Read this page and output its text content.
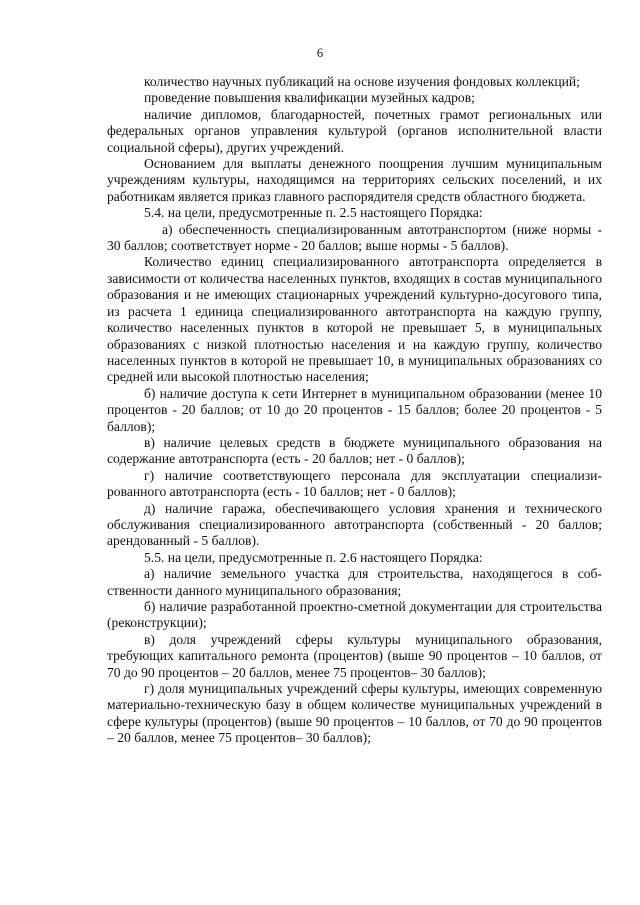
6

количество научных публикаций на основе изучения фондовых коллекций;

проведение повышения квалификации музейных кадров;

наличие дипломов, благодарностей, почетных грамот региональных или федеральных органов управления культурой (органов исполнительной власти социальной сферы), других учреждений.

Основанием для выплаты денежного поощрения лучшим муниципальным учреждениям культуры, находящимся на территориях сельских поселений, и их работникам является приказ главного распорядителя средств областного бюджета.

5.4. на цели, предусмотренные п. 2.5 настоящего Порядка:

а) обеспеченность специализированным автотранспортом (ниже нормы - 30 баллов; соответствует норме - 20 баллов; выше нормы - 5 баллов).

Количество единиц специализированного автотранспорта определяется в зависимости от количества населенных пунктов, входящих в состав муниципального образования и не имеющих стационарных учреждений культурно-досугового типа, из расчета 1 единица специализированного автотранспорта на каждую группу, количество населенных пунктов в которой не превышает 5, в муниципальных образованиях с низкой плотностью населения и на каждую группу, количество населенных пунктов в которой не превышает 10, в муниципальных образованиях со средней или высокой плотностью населения;

б) наличие доступа к сети Интернет в муниципальном образовании (менее 10 процентов - 20 баллов; от 10 до 20 процентов - 15 баллов; более 20 процентов - 5 баллов);

в) наличие целевых средств в бюджете муниципального образования на содержание автотранспорта (есть - 20 баллов; нет - 0 баллов);

г) наличие соответствующего персонала для эксплуатации специализированного автотранспорта (есть - 10 баллов; нет - 0 баллов);

д) наличие гаража, обеспечивающего условия хранения и технического обслуживания специализированного автотранспорта (собственный - 20 баллов; арендованный - 5 баллов).

5.5. на цели, предусмотренные п. 2.6 настоящего Порядка:

а) наличие земельного участка для строительства, находящегося в собственности данного муниципального образования;

б) наличие разработанной проектно-сметной документации для строительства (реконструкции);

в) доля учреждений сферы культуры муниципального образования, требующих капитального ремонта (процентов) (выше 90 процентов – 10 баллов, от 70 до 90 процентов – 20 баллов, менее 75 процентов– 30 баллов);

г) доля муниципальных учреждений сферы культуры, имеющих современную материально-техническую базу в общем количестве муниципальных учреждений в сфере культуры (процентов) (выше 90 процентов – 10 баллов, от 70 до 90 процентов – 20 баллов, менее 75 процентов– 30 баллов);
